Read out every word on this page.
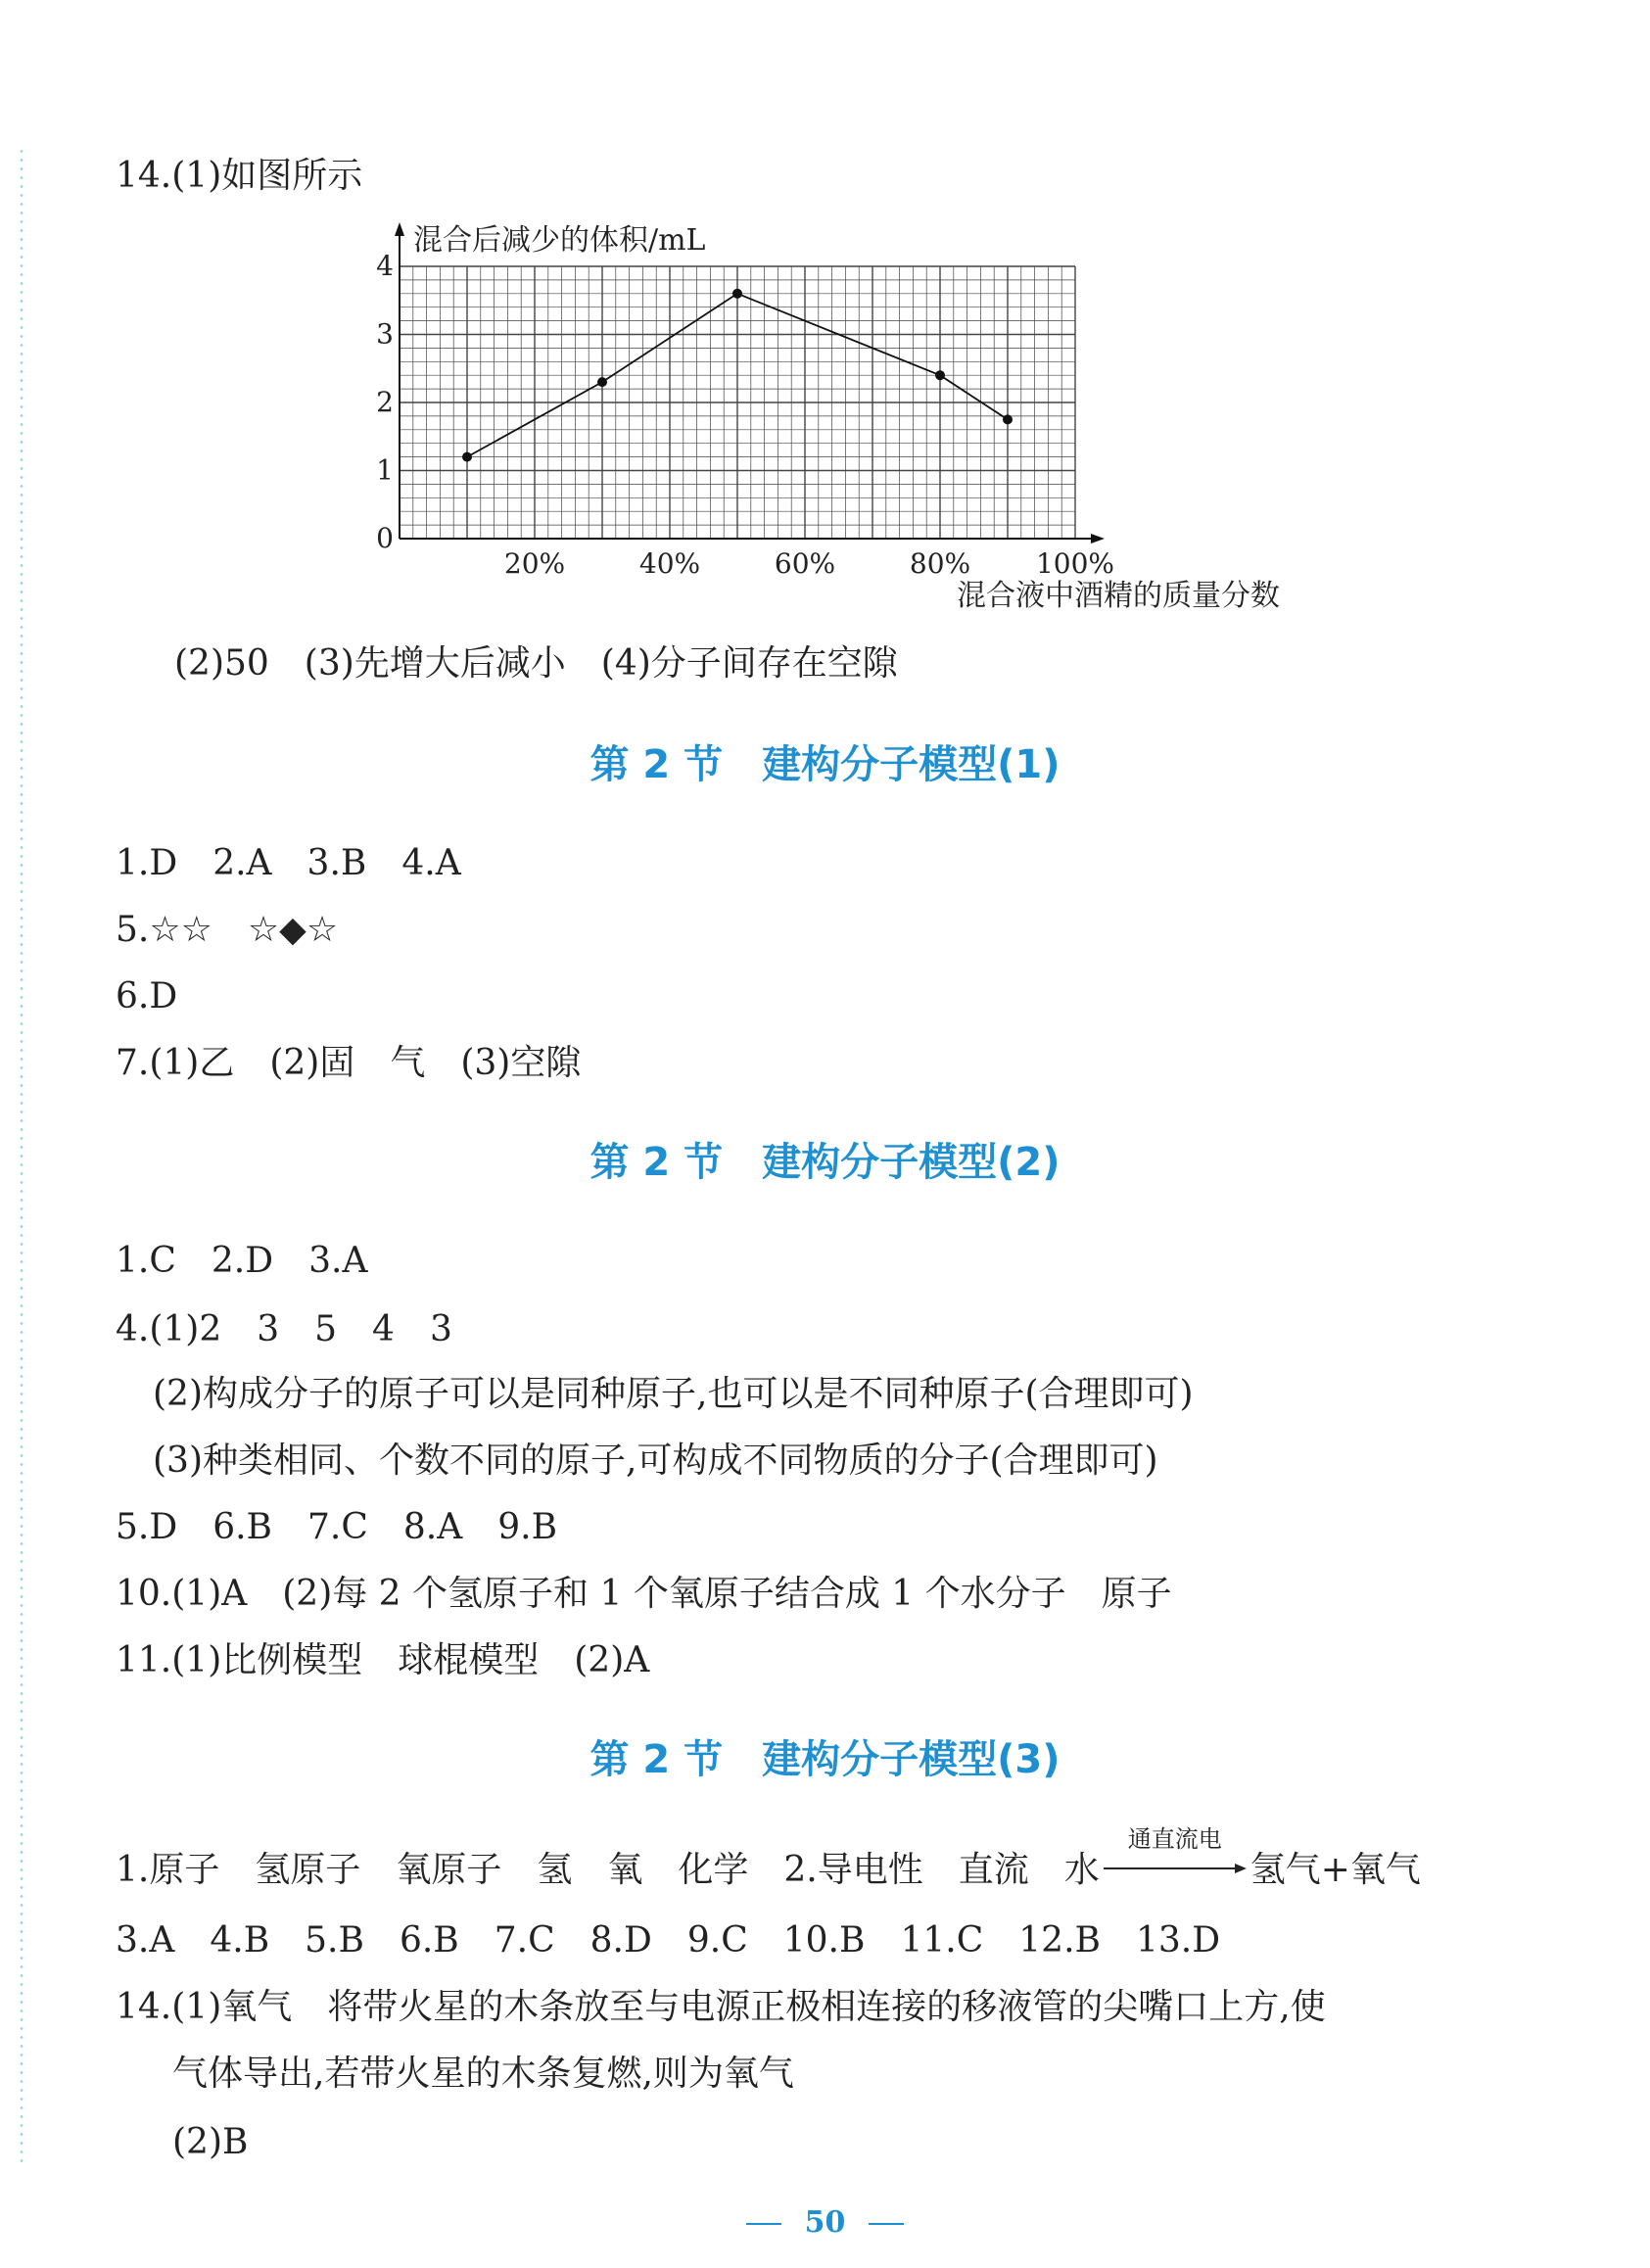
14.(1)如图所示
0
1
2
3
4
20%	40%	60%	80% 100%
混合后减少的体积/mL
混合液中酒精的质量分数
(2)50　(3)先增大后减小　(4)分子间存在空隙
第 2 节　建构分子模型(1)
1.D　2.A　3.B　4.A
5.☆☆　☆◆☆
6.D
7.(1)乙　(2)固　气　(3)空隙
第 2 节　建构分子模型(2)
1.C　2.D　3.A
4.(1)2　3　5　4　3
(2)构成分子的原子可以是同种原子,也可以是不同种原子(合理即可)
(3)种类相同、个数不同的原子,可构成不同物质的分子(合理即可)
5.D　6.B　7.C　8.A　9.B
10.(1)A　(2)每 2 个氢原子和 1 个氧原子结合成 1 个水分子　原子
11.(1)比例模型　球棍模型　(2)A
第 2 节　建构分子模型(3)
1.原子　氢原子　氧原子　氢　氧　化学　2.导电性　直流　水
通直流电
氢气+氧气
3.A　4.B　5.B　6.B　7.C　8.D　9.C　10.B　11.C　12.B　13.D
14.(1)氧气　将带火星的木条放至与电源正极相连接的移液管的尖嘴口上方,使
气体导出,若带火星的木条复燃,则为氧气
(2)B
50
